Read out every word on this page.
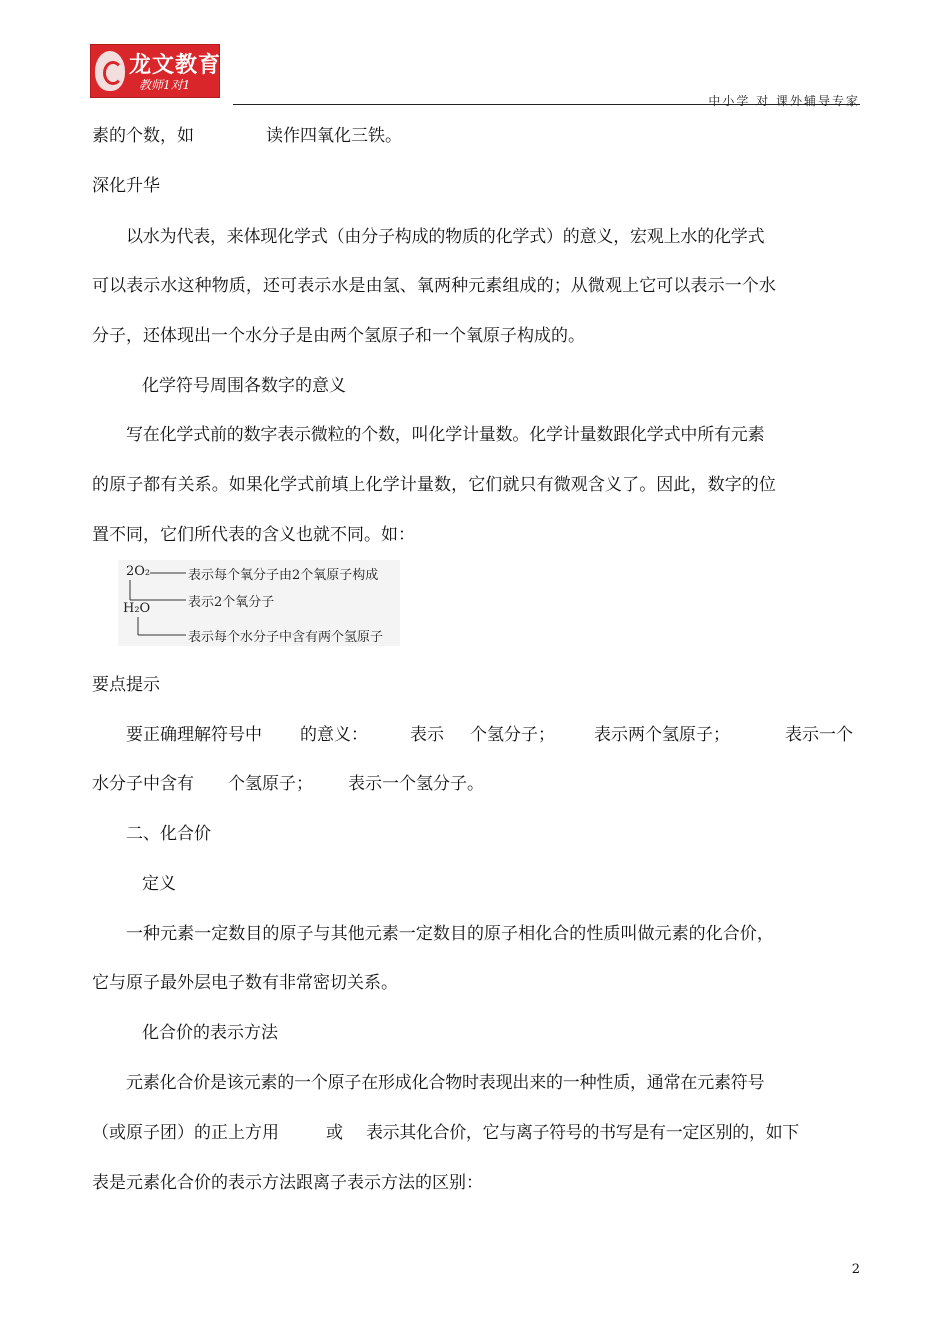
龙文教育
教师1对1
中小学 对 课外辅导专家
素的个数，如	读作四氧化三铁。
深化升华
以水为代表，来体现化学式（由分子构成的物质的化学式）的意义，宏观上水的化学式
可以表示水这种物质，还可表示水是由氢、氧两种元素组成的；从微观上它可以表示一个水
分子，还体现出一个水分子是由两个氢原子和一个氧原子构成的。
化学符号周围各数字的意义
写在化学式前的数字表示微粒的个数，叫化学计量数。化学计量数跟化学式中所有元素
的原子都有关系。如果化学式前填上化学计量数，它们就只有微观含义了。因此，数字的位
置不同，它们所代表的含义也就不同。如：
2O₂
H₂O
表示每个氧分子由2个氧原子构成
表示2个氧分子
表示每个水分子中含有两个氢原子
要点提示
要正确理解符号中 的意义： 表示 个氢分子； 表示两个氢原子；	表示一个
水分子中含有 个氢原子； 表示一个氢分子。
二、化合价
定义
一种元素一定数目的原子与其他元素一定数目的原子相化合的性质叫做元素的化合价，
它与原子最外层电子数有非常密切关系。
化合价的表示方法
元素化合价是该元素的一个原子在形成化合物时表现出来的一种性质，通常在元素符号
（或原子团）的正上方用	或 表示其化合价，它与离子符号的书写是有一定区别的，如下
表是元素化合价的表示方法跟离子表示方法的区别：
2
